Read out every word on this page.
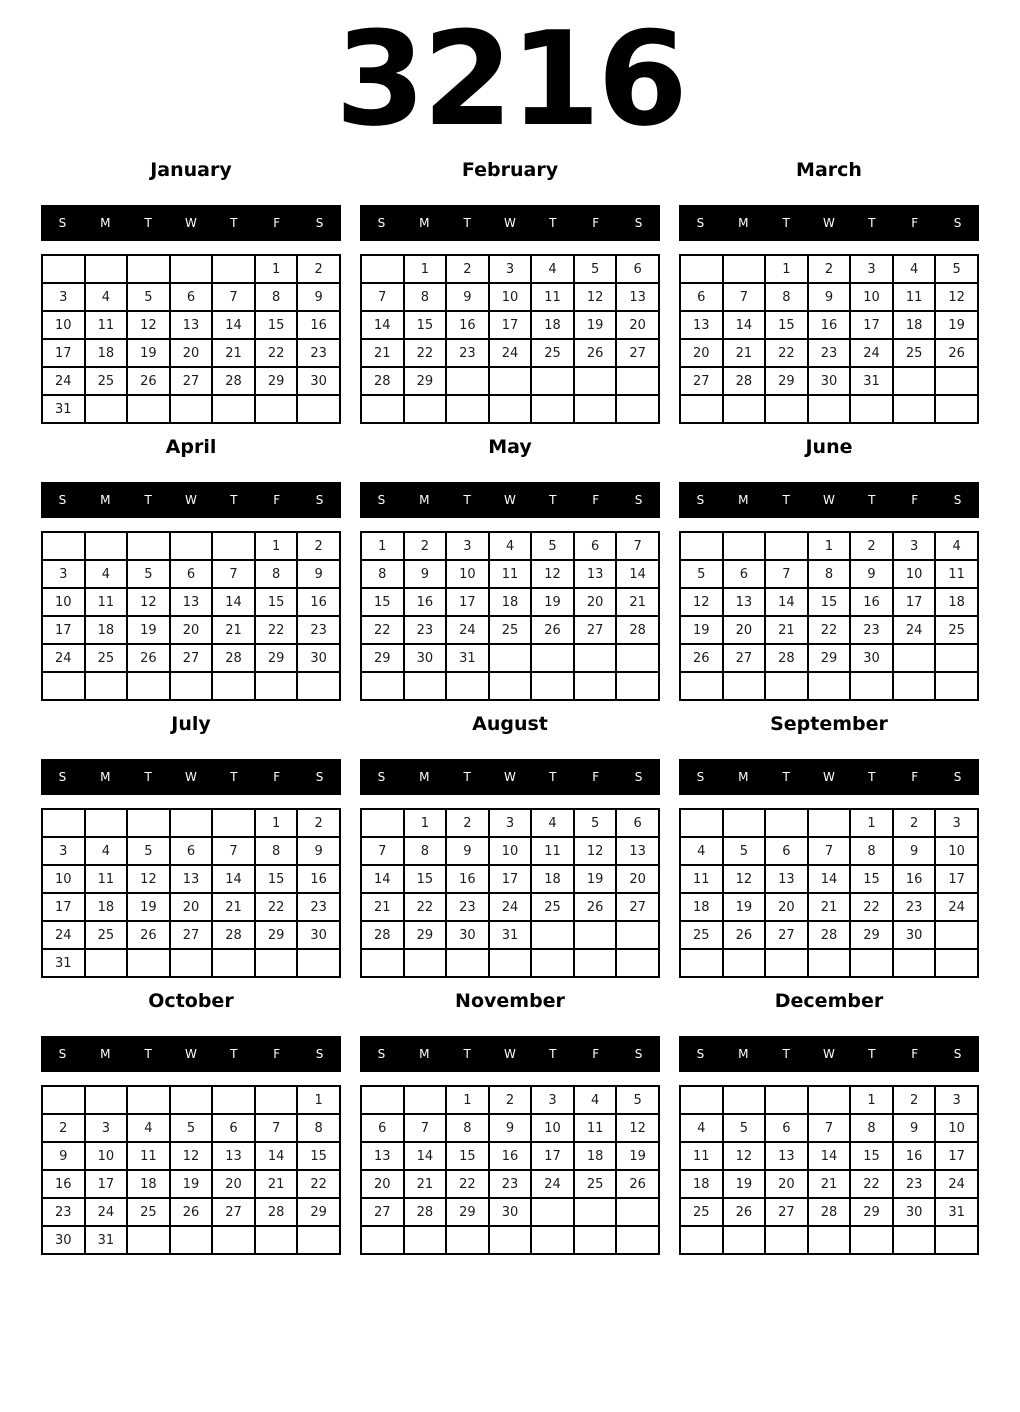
3216
January
S	M	T	W	T	F	S
					1	2
3	4	5	6	7	8	9
10	11	12	13	14	15	16
17	18	19	20	21	22	23
24	25	26	27	28	29	30
31						
February
S	M	T	W	T	F	S
	1	2	3	4	5	6
7	8	9	10	11	12	13
14	15	16	17	18	19	20
21	22	23	24	25	26	27
28	29					

March
S	M	T	W	T	F	S
		1	2	3	4	5
6	7	8	9	10	11	12
13	14	15	16	17	18	19
20	21	22	23	24	25	26
27	28	29	30	31		

April
S	M	T	W	T	F	S
					1	2
3	4	5	6	7	8	9
10	11	12	13	14	15	16
17	18	19	20	21	22	23
24	25	26	27	28	29	30

May
S	M	T	W	T	F	S
1	2	3	4	5	6	7
8	9	10	11	12	13	14
15	16	17	18	19	20	21
22	23	24	25	26	27	28
29	30	31				

June
S	M	T	W	T	F	S
			1	2	3	4
5	6	7	8	9	10	11
12	13	14	15	16	17	18
19	20	21	22	23	24	25
26	27	28	29	30		

July
S	M	T	W	T	F	S
					1	2
3	4	5	6	7	8	9
10	11	12	13	14	15	16
17	18	19	20	21	22	23
24	25	26	27	28	29	30
31						
August
S	M	T	W	T	F	S
	1	2	3	4	5	6
7	8	9	10	11	12	13
14	15	16	17	18	19	20
21	22	23	24	25	26	27
28	29	30	31			

September
S	M	T	W	T	F	S
				1	2	3
4	5	6	7	8	9	10
11	12	13	14	15	16	17
18	19	20	21	22	23	24
25	26	27	28	29	30	

October
S	M	T	W	T	F	S
						1
2	3	4	5	6	7	8
9	10	11	12	13	14	15
16	17	18	19	20	21	22
23	24	25	26	27	28	29
30	31					
November
S	M	T	W	T	F	S
		1	2	3	4	5
6	7	8	9	10	11	12
13	14	15	16	17	18	19
20	21	22	23	24	25	26
27	28	29	30			

December
S	M	T	W	T	F	S
				1	2	3
4	5	6	7	8	9	10
11	12	13	14	15	16	17
18	19	20	21	22	23	24
25	26	27	28	29	30	31
